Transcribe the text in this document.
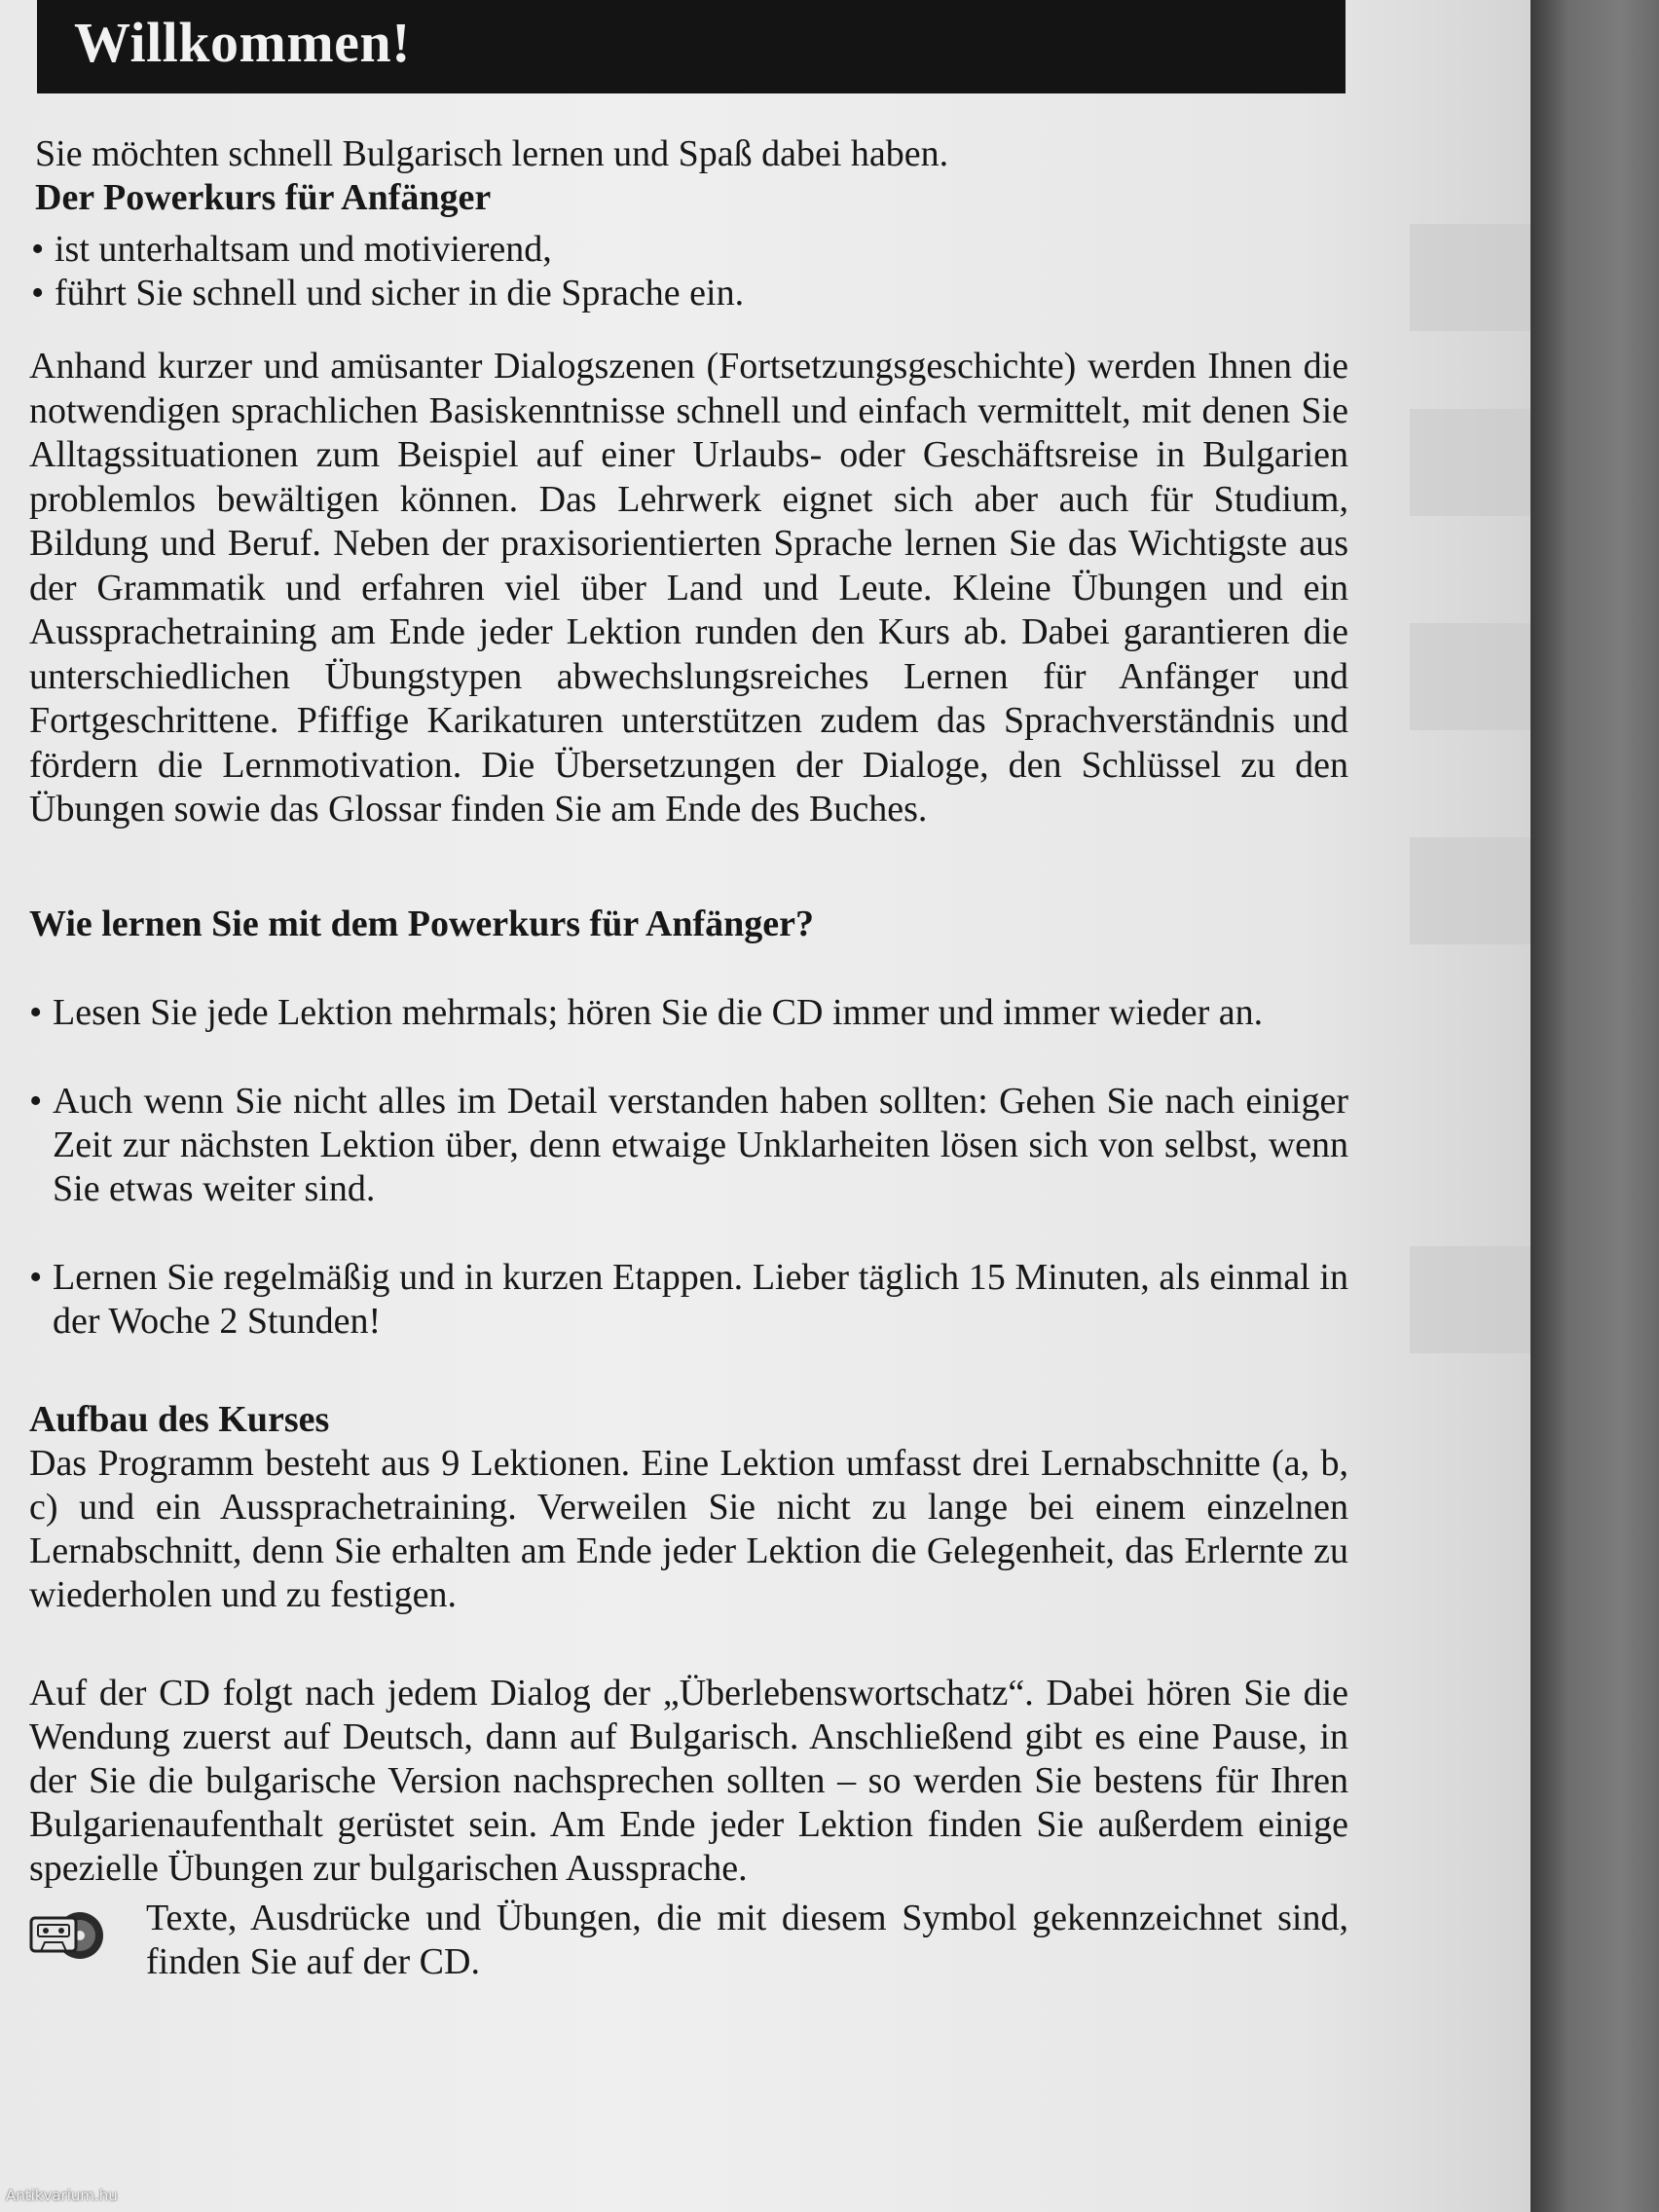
Willkommen!

Sie möchten schnell Bulgarisch lernen und Spaß dabei haben.

Der Powerkurs für Anfänger
• ist unterhaltsam und motivierend,
• führt Sie schnell und sicher in die Sprache ein.

Anhand kurzer und amüsanter Dialogszenen (Fortsetzungsgeschichte) werden Ihnen die notwendigen sprachlichen Basiskenntnisse schnell und einfach vermittelt, mit denen Sie Alltagssituationen zum Beispiel auf einer Urlaubs- oder Geschäftsreise in Bulgarien problemlos bewältigen können. Das Lehrwerk eignet sich aber auch für Studium, Bildung und Beruf. Neben der praxisorientierten Sprache lernen Sie das Wichtigste aus der Grammatik und erfahren viel über Land und Leute. Kleine Übungen und ein Aussprachetraining am Ende jeder Lektion runden den Kurs ab. Dabei garantieren die unterschiedlichen Übungstypen abwechslungsreiches Lernen für Anfänger und Fortgeschrittene. Pfiffige Karikaturen unterstützen zudem das Sprachverständnis und fördern die Lernmotivation. Die Übersetzungen der Dialoge, den Schlüssel zu den Übungen sowie das Glossar finden Sie am Ende des Buches.

Wie lernen Sie mit dem Powerkurs für Anfänger?
• Lesen Sie jede Lektion mehrmals; hören Sie die CD immer und immer wieder an.
• Auch wenn Sie nicht alles im Detail verstanden haben sollten: Gehen Sie nach einiger Zeit zur nächsten Lektion über, denn etwaige Unklarheiten lösen sich von selbst, wenn Sie etwas weiter sind.
• Lernen Sie regelmäßig und in kurzen Etappen. Lieber täglich 15 Minuten, als einmal in der Woche 2 Stunden!
Aufbau des Kurses

Das Programm besteht aus 9 Lektionen. Eine Lektion umfasst drei Lernabschnitte (a, b, c) und ein Aussprachetraining. Verweilen Sie nicht zu lange bei einem einzelnen Lernabschnitt, denn Sie erhalten am Ende jeder Lektion die Gelegenheit, das Erlernte zu wiederholen und zu festigen.

Auf der CD folgt nach jedem Dialog der „Überlebenswortschatz“. Dabei hören Sie die Wendung zuerst auf Deutsch, dann auf Bulgarisch. Anschließend gibt es eine Pause, in der Sie die bulgarische Version nachsprechen sollten – so werden Sie bestens für Ihren Bulgarienaufenthalt gerüstet sein. Am Ende jeder Lektion finden Sie außerdem einige spezielle Übungen zur bulgarischen Aussprache.

Texte, Ausdrücke und Übungen, die mit diesem Symbol gekennzeichnet sind, finden Sie auf der CD.

Antikvarium.hu
